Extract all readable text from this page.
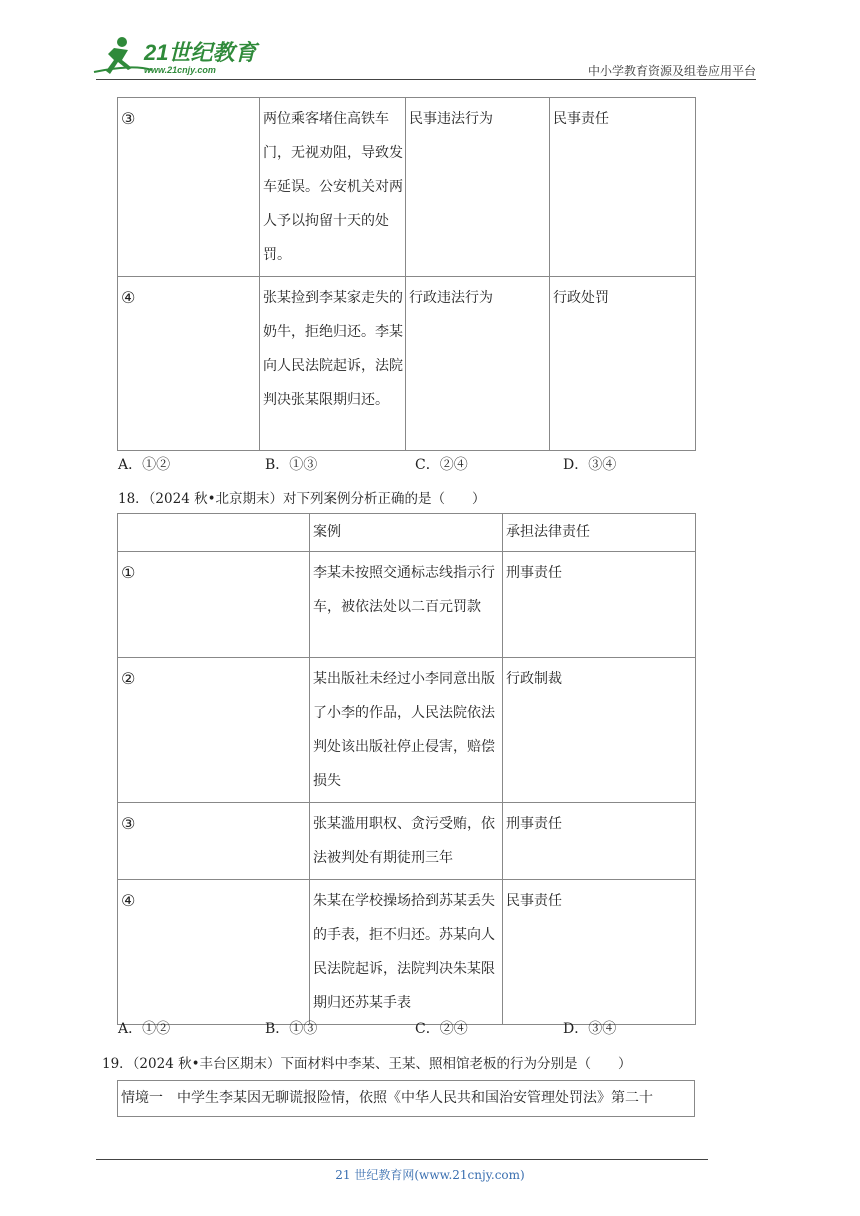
21世纪教育
www.21cnjy.com	中小学教育资源及组卷应用平台
③	两位乘客堵住高铁车门，无视劝阻，导致发车延误。公安机关对两人予以拘留十天的处罚。	民事违法行为	民事责任
④	张某捡到李某家走失的奶牛，拒绝归还。李某向人民法院起诉，法院判决张某限期归还。	行政违法行为	行政处罚
A．①②	B．①③	C．②④	D．③④
18．（2024 秋•北京期末）对下列案例分析正确的是（　　）
	案例	承担法律责任
①	李某未按照交通标志线指示行车，被依法处以二百元罚款	刑事责任
②	某出版社未经过小李同意出版了小李的作品，人民法院依法判处该出版社停止侵害，赔偿损失	行政制裁
③	张某滥用职权、贪污受贿，依法被判处有期徒刑三年	刑事责任
④	朱某在学校操场拾到苏某丢失的手表，拒不归还。苏某向人民法院起诉，法院判决朱某限期归还苏某手表	民事责任
A．①②	B．①③	C．②④	D．③④
19．（2024 秋•丰台区期末）下面材料中李某、王某、照相馆老板的行为分别是（　　）
情境一　中学生李某因无聊谎报险情，依照《中华人民共和国治安管理处罚法》第二十
21 世纪教育网(www.21cnjy.com)
